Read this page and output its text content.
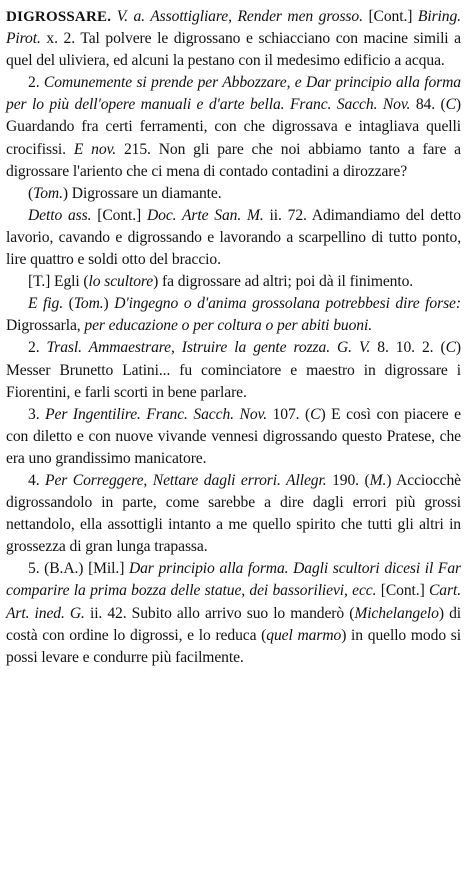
DIGROSSARE. V. a. Assottigliare, Render men grosso. [Cont.] Biring. Pirot. x. 2. Tal polvere le digrossano e schiacciano con macine simili a quel del uliviera, ed alcuni la pestano con il medesimo edificio a acqua.

2. Comunemente si prende per Abbozzare, e Dar principio alla forma per lo più dell'opere manuali e d'arte bella. Franc. Sacch. Nov. 84. (C) Guardando fra certi ferramenti, con che digrossava e intagliava quelli crocifissi. E nov. 215. Non gli pare che noi abbiamo tanto a fare a digrossare l'ariento che ci mena di contado contadini a dirozzare?

(Tom.) Digrossare un diamante.

Detto ass. [Cont.] Doc. Arte San. M. ii. 72. Adimandiamo del detto lavorio, cavando e digrossando e lavorando a scarpellino di tutto ponto, lire quattro e soldi otto del braccio.

[T.] Egli (lo scultore) fa digrossare ad altri; poi dà il finimento.

E fig. (Tom.) D'ingegno o d'anima grossolana potrebbesi dire forse: Digrossarla, per educazione o per coltura o per abiti buoni.

2. Trasl. Ammaestrare, Istruire la gente rozza. G. V. 8. 10. 2. (C) Messer Brunetto Latini... fu cominciatore e maestro in digrossare i Fiorentini, e farli scorti in bene parlare.

3. Per Ingentilire. Franc. Sacch. Nov. 107. (C) E così con piacere e con diletto e con nuove vivande vennesi digrossando questo Pratese, che era uno grandissimo manicatore.

4. Per Correggere, Nettare dagli errori. Allegr. 190. (M.) Acciocchè digrossandolo in parte, come sarebbe a dire dagli errori più grossi nettandolo, ella assottigli intanto a me quello spirito che tutti gli altri in grossezza di gran lunga trapassa.

5. (B.A.) [Mil.] Dar principio alla forma. Dagli scultori dicesi il Far comparire la prima bozza delle statue, dei bassorilievi, ecc. [Cont.] Cart. Art. ined. G. ii. 42. Subito allo arrivo suo lo manderò (Michelangelo) di costà con ordine lo digrossi, e lo reduca (quel marmo) in quello modo si possi levare e condurre più facilmente.
